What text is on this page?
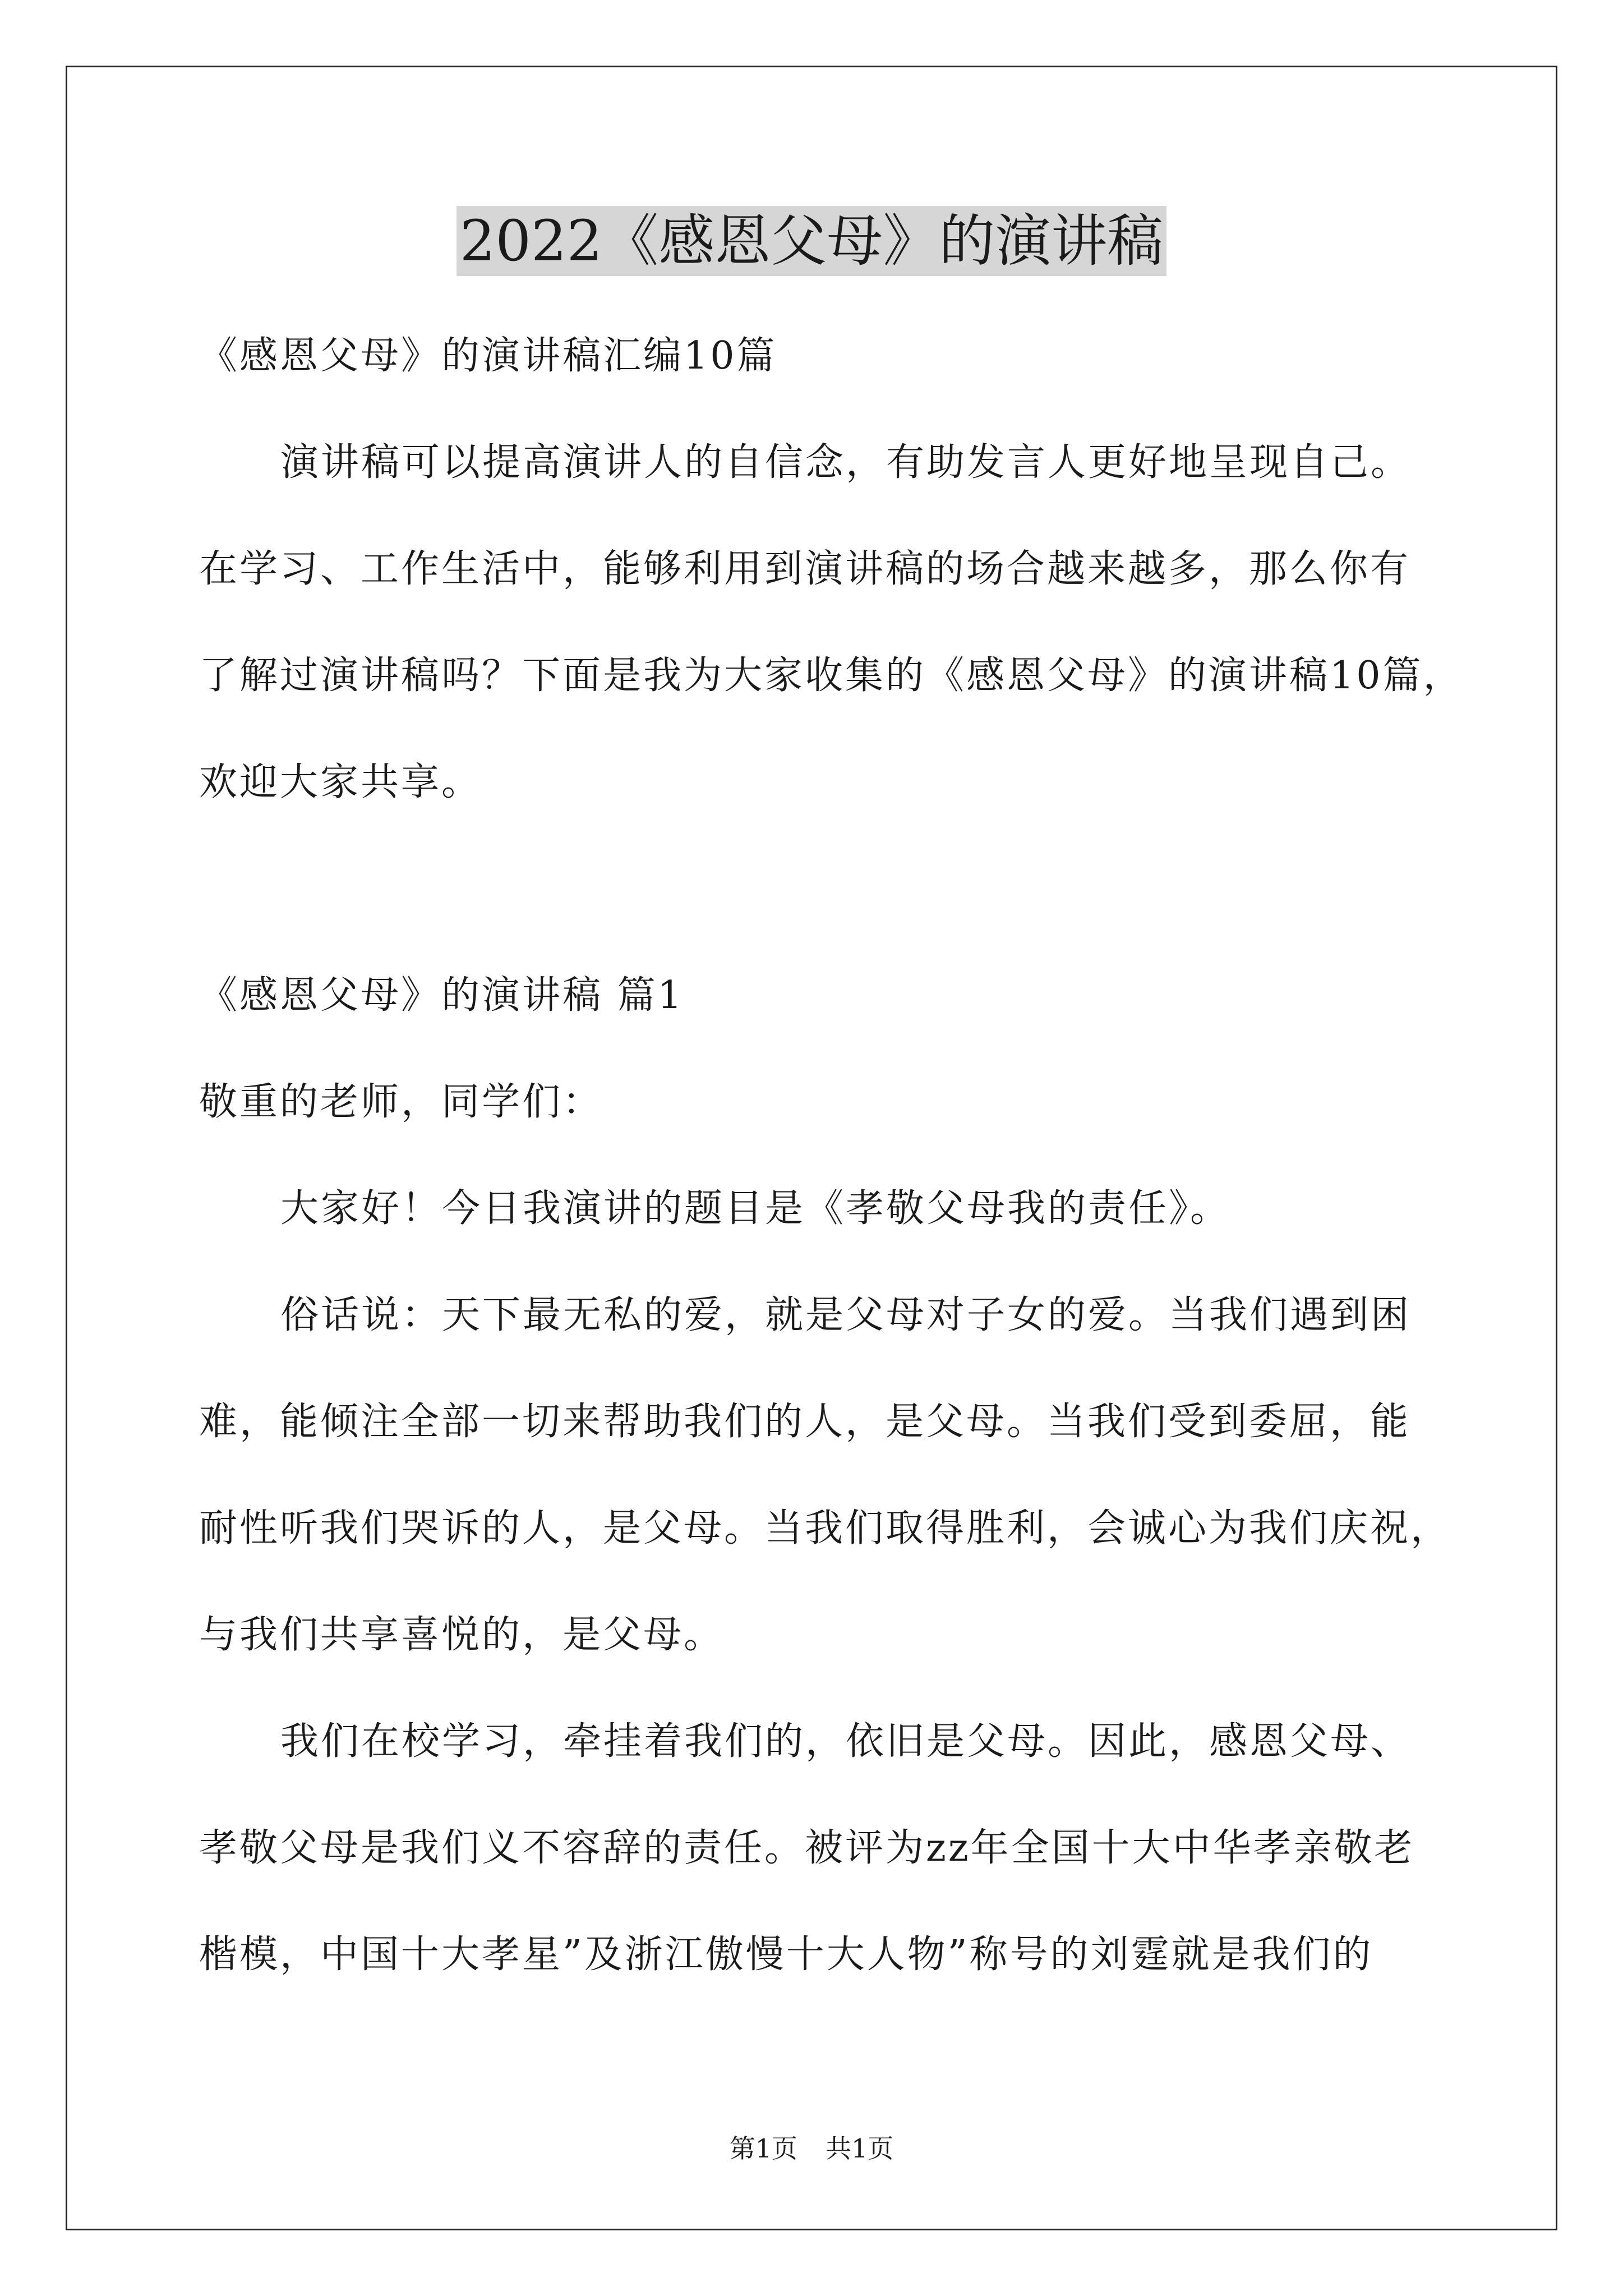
2022《感恩父母》的演讲稿
《感恩父母》的演讲稿汇编10篇
演讲稿可以提高演讲人的自信念，有助发言人更好地呈现自己。
在学习、工作生活中，能够利用到演讲稿的场合越来越多，那么你有
了解过演讲稿吗？下面是我为大家收集的《感恩父母》的演讲稿10篇，
欢迎大家共享。
《感恩父母》的演讲稿 篇1
敬重的老师，同学们：
大家好！今日我演讲的题目是《孝敬父母我的责任》。
俗话说：天下最无私的爱，就是父母对子女的爱。当我们遇到困
难，能倾注全部一切来帮助我们的人，是父母。当我们受到委屈，能
耐性听我们哭诉的人，是父母。当我们取得胜利，会诚心为我们庆祝，
与我们共享喜悦的，是父母。
我们在校学习，牵挂着我们的，依旧是父母。因此，感恩父母、
孝敬父母是我们义不容辞的责任。被评为zz年全国十大中华孝亲敬老
楷模，中国十大孝星”及浙江傲慢十大人物”称号的刘霆就是我们的
第1页 共1页
